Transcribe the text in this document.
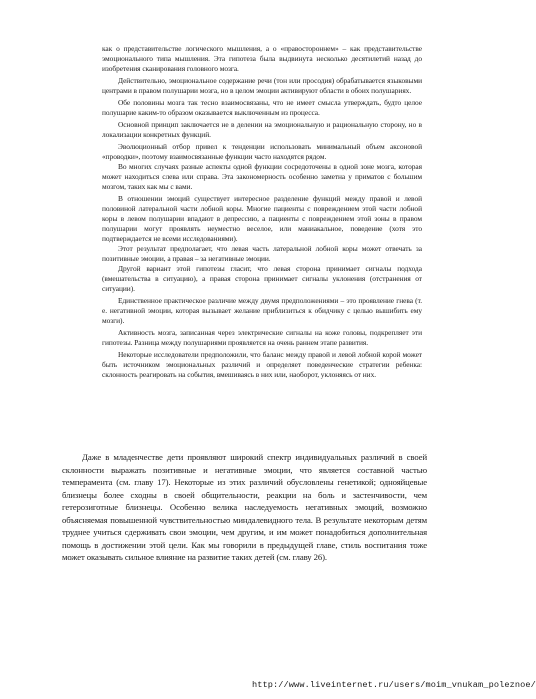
как о представительстве логического мышления, а о «правостороннем» – как представительстве эмоционального типа мышления. Эта гипотеза была выдвинута несколько десятилетий назад до изобретения сканирования головного мозга.

Действительно, эмоциональное содержание речи (тон или просодия) обрабатывается языковыми центрами в правом полушарии мозга, но в целом эмоции активируют области в обоих полушариях.

Обе половины мозга так тесно взаимосвязаны, что не имеет смысла утверждать, будто целое полушарие каким-то образом оказывается выключенным из процесса.

Основной принцип заключается не в делении на эмоциональную и рациональную сторону, но в локализации конкретных функций.

Эволюционный отбор привел к тенденции использовать минимальный объем аксоновой «проводки», поэтому взаимосвязанные функции часто находятся рядом.

Во многих случаях разные аспекты одной функции сосредоточены в одной зоне мозга, которая может находиться слева или справа. Эта закономерность особенно заметна у приматов с большим мозгом, таких как мы с вами.

В отношении эмоций существует интересное разделение функций между правой и левой половиной латеральной части лобной коры. Многие пациенты с повреждением этой части лобной коры в левом полушарии впадают в депрессию, а пациенты с повреждением этой зоны в правом полушарии могут проявлять неуместно веселое, или маниакальное, поведение (хотя это подтверждается не всеми исследованиями).

Этот результат предполагает, что левая часть латеральной лобной коры может отвечать за позитивные эмоции, а правая – за негативные эмоции.

Другой вариант этой гипотезы гласит, что левая сторона принимает сигналы подхода (вмешательства в ситуацию), а правая сторона принимает сигналы уклонения (отстранения от ситуации).

Единственное практическое различие между двумя предположениями – это проявление гнева (т. е. негативной эмоции, которая вызывает желание приблизиться к обидчику с целью вышибить ему мозги).

Активность мозга, записанная через электрические сигналы на коже головы, подкрепляет эти гипотезы. Разница между полушариями проявляется на очень раннем этапе развития.

Некоторые исследователи предположили, что баланс между правой и левой лобной корой может быть источником эмоциональных различий и определяет поведенческие стратегии ребенка: склонность реагировать на события, вмешиваясь в них или, наоборот, уклоняясь от них.

Даже в младенчестве дети проявляют широкий спектр индивидуальных различий в своей склонности выражать позитивные и негативные эмоции, что является составной частью темперамента (см. главу 17). Некоторые из этих различий обусловлены генетикой; однояйцевые близнецы более сходны в своей общительности, реакции на боль и застенчивости, чем гетерозиготные близнецы. Особенно велика наследуемость негативных эмоций, возможно объясняемая повышенной чувствительностью миндалевидного тела. В результате некоторым детям труднее учиться сдерживать свои эмоции, чем другим, и им может понадобиться дополнительная помощь в достижении этой цели. Как мы говорили в предыдущей главе, стиль воспитания тоже может оказывать сильное влияние на развитие таких детей (см. главу 26).

http://www.liveinternet.ru/users/moim_vnukam_poleznoe/
